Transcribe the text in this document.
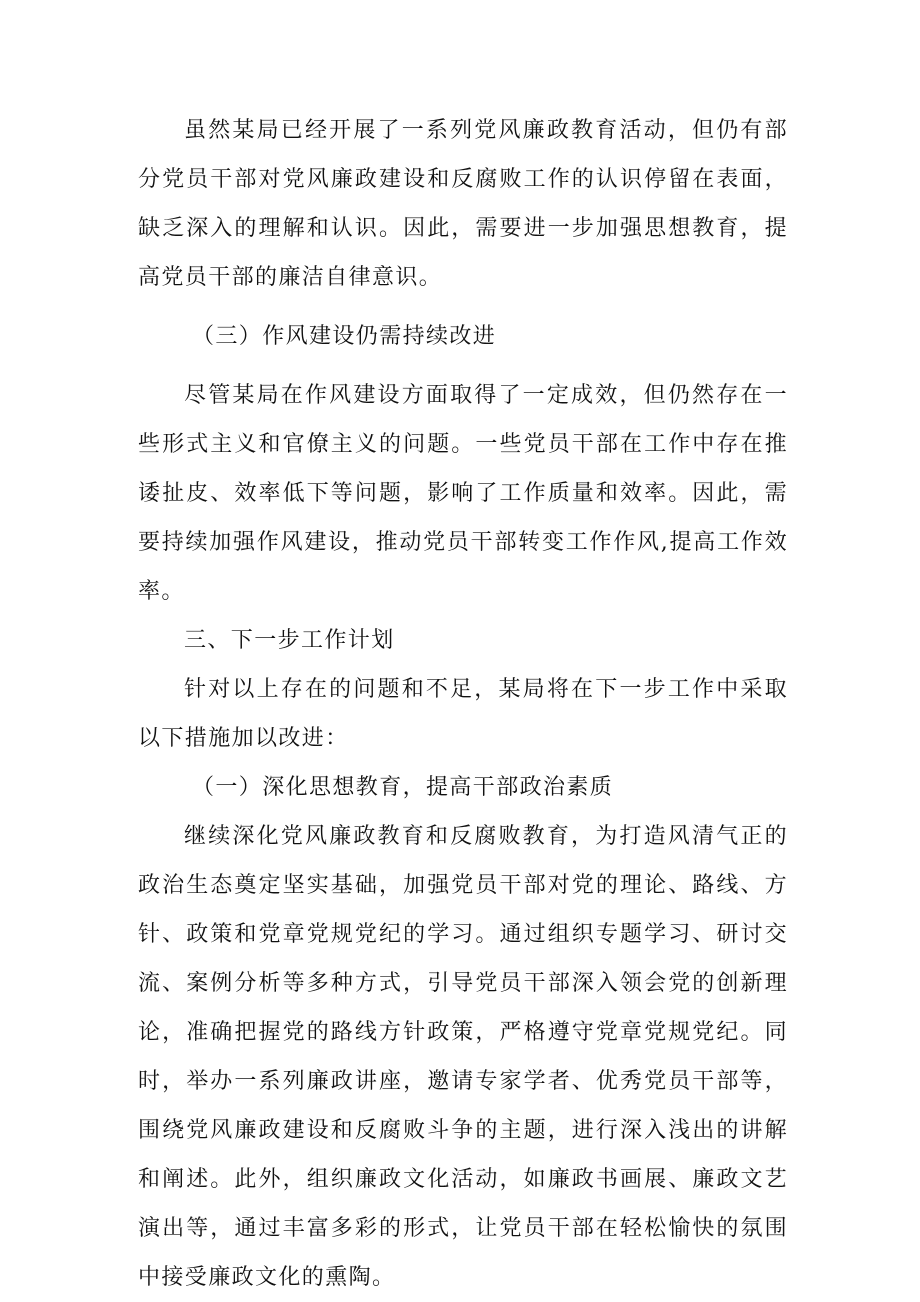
虽然某局已经开展了一系列党风廉政教育活动，但仍有部分党员干部对党风廉政建设和反腐败工作的认识停留在表面，缺乏深入的理解和认识。因此，需要进一步加强思想教育，提高党员干部的廉洁自律意识。

（三）作风建设仍需持续改进

尽管某局在作风建设方面取得了一定成效，但仍然存在一些形式主义和官僚主义的问题。一些党员干部在工作中存在推诿扯皮、效率低下等问题，影响了工作质量和效率。因此，需要持续加强作风建设，推动党员干部转变工作作风,提高工作效率。

三、下一步工作计划

针对以上存在的问题和不足，某局将在下一步工作中采取以下措施加以改进：

（一）深化思想教育，提高干部政治素质

继续深化党风廉政教育和反腐败教育，为打造风清气正的政治生态奠定坚实基础，加强党员干部对党的理论、路线、方针、政策和党章党规党纪的学习。通过组织专题学习、研讨交流、案例分析等多种方式，引导党员干部深入领会党的创新理论，准确把握党的路线方针政策，严格遵守党章党规党纪。同时，举办一系列廉政讲座，邀请专家学者、优秀党员干部等，围绕党风廉政建设和反腐败斗争的主题，进行深入浅出的讲解和阐述。此外，组织廉政文化活动，如廉政书画展、廉政文艺演出等，通过丰富多彩的形式，让党员干部在轻松愉快的氛围中接受廉政文化的熏陶。
